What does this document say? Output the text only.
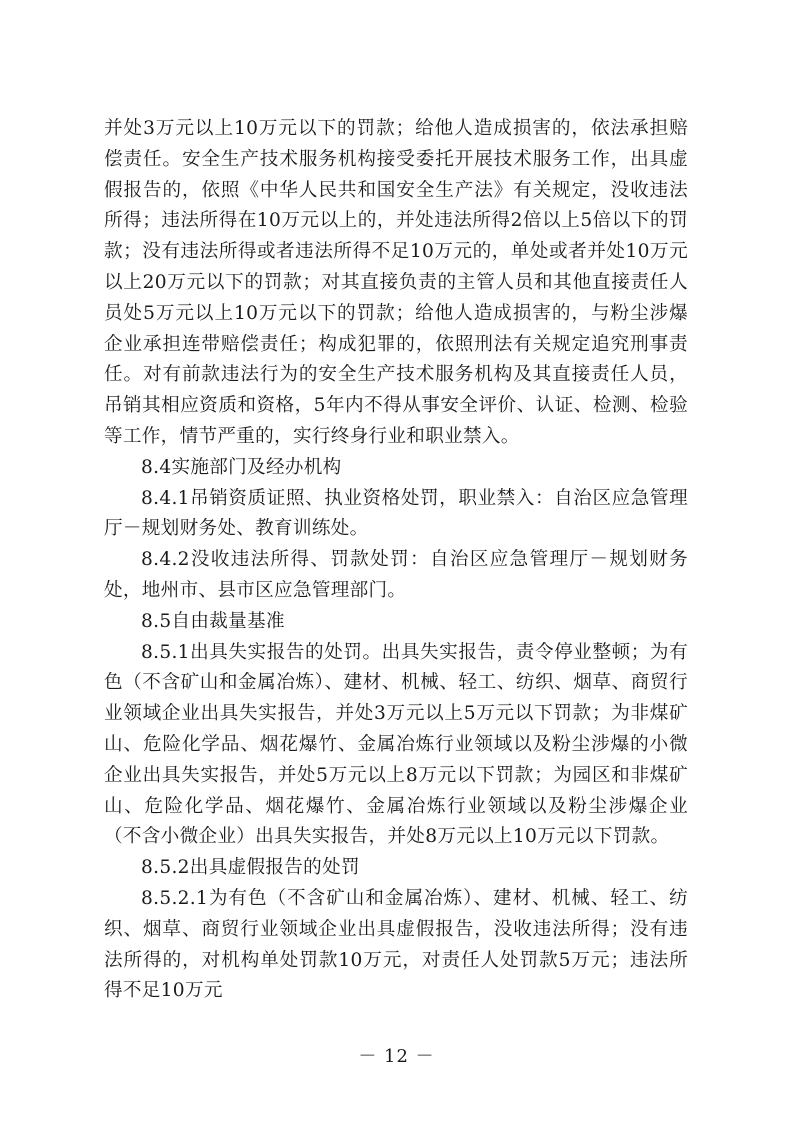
并处3万元以上10万元以下的罚款；给他人造成损害的，依法承担赔偿责任。安全生产技术服务机构接受委托开展技术服务工作，出具虚假报告的，依照《中华人民共和国安全生产法》有关规定，没收违法所得；违法所得在10万元以上的，并处违法所得2倍以上5倍以下的罚款；没有违法所得或者违法所得不足10万元的，单处或者并处10万元以上20万元以下的罚款；对其直接负责的主管人员和其他直接责任人员处5万元以上10万元以下的罚款；给他人造成损害的，与粉尘涉爆企业承担连带赔偿责任；构成犯罪的，依照刑法有关规定追究刑事责任。对有前款违法行为的安全生产技术服务机构及其直接责任人员，吊销其相应资质和资格，5年内不得从事安全评价、认证、检测、检验等工作，情节严重的，实行终身行业和职业禁入。

8.4实施部门及经办机构

8.4.1吊销资质证照、执业资格处罚，职业禁入：自治区应急管理厅－规划财务处、教育训练处。

8.4.2没收违法所得、罚款处罚：自治区应急管理厅－规划财务处，地州市、县市区应急管理部门。

8.5自由裁量基准

8.5.1出具失实报告的处罚。出具失实报告，责令停业整顿；为有色（不含矿山和金属冶炼）、建材、机械、轻工、纺织、烟草、商贸行业领域企业出具失实报告，并处3万元以上5万元以下罚款；为非煤矿山、危险化学品、烟花爆竹、金属冶炼行业领域以及粉尘涉爆的小微企业出具失实报告，并处5万元以上8万元以下罚款；为园区和非煤矿山、危险化学品、烟花爆竹、金属冶炼行业领域以及粉尘涉爆企业（不含小微企业）出具失实报告，并处8万元以上10万元以下罚款。

8.5.2出具虚假报告的处罚

8.5.2.1为有色（不含矿山和金属冶炼）、建材、机械、轻工、纺织、烟草、商贸行业领域企业出具虚假报告，没收违法所得；没有违法所得的，对机构单处罚款10万元，对责任人处罚款5万元；违法所得不足10万元

－ 12 －
